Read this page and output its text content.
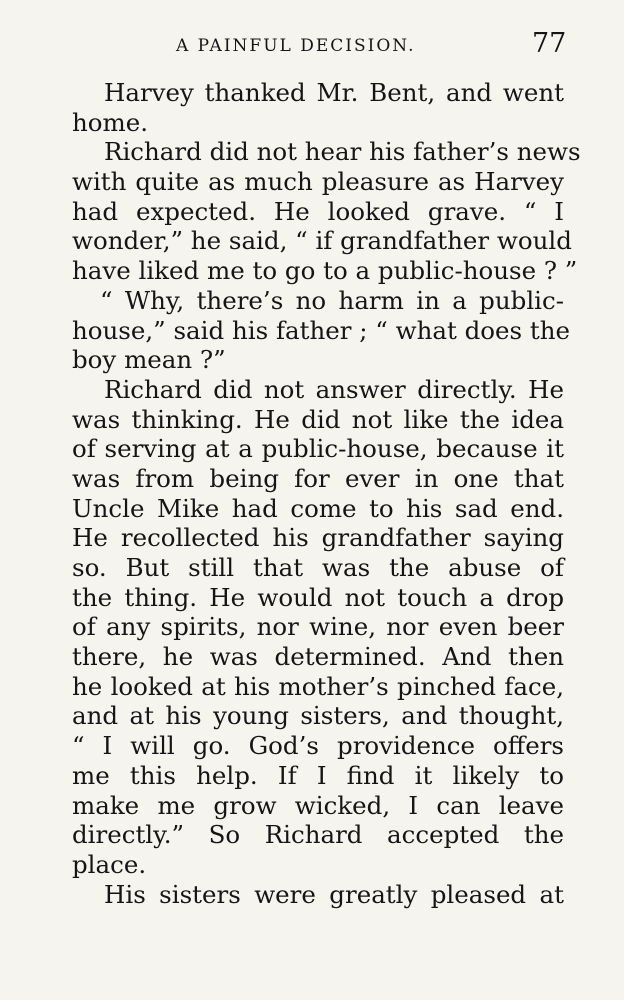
A PAINFUL DECISION.	77
Harvey thanked Mr. Bent, and went
home.
Richard did not hear his father’s news
with quite as much pleasure as Harvey
had expected. He looked grave. “ I
wonder,” he said, “ if grandfather would
have liked me to go to a public-house ? ”
“ Why, there’s no harm in a public-
house,” said his father ; “ what does the
boy mean ?”
Richard did not answer directly. He
was thinking. He did not like the idea
of serving at a public-house, because it
was from being for ever in one that
Uncle Mike had come to his sad end.
He recollected his grandfather saying
so. But still that was the abuse of
the thing. He would not touch a drop
of any spirits, nor wine, nor even beer
there, he was determined. And then
he looked at his mother’s pinched face,
and at his young sisters, and thought,
“ I will go. God’s providence offers
me this help. If I find it likely to
make me grow wicked, I can leave
directly.” So Richard accepted the
place.
His sisters were greatly pleased at
